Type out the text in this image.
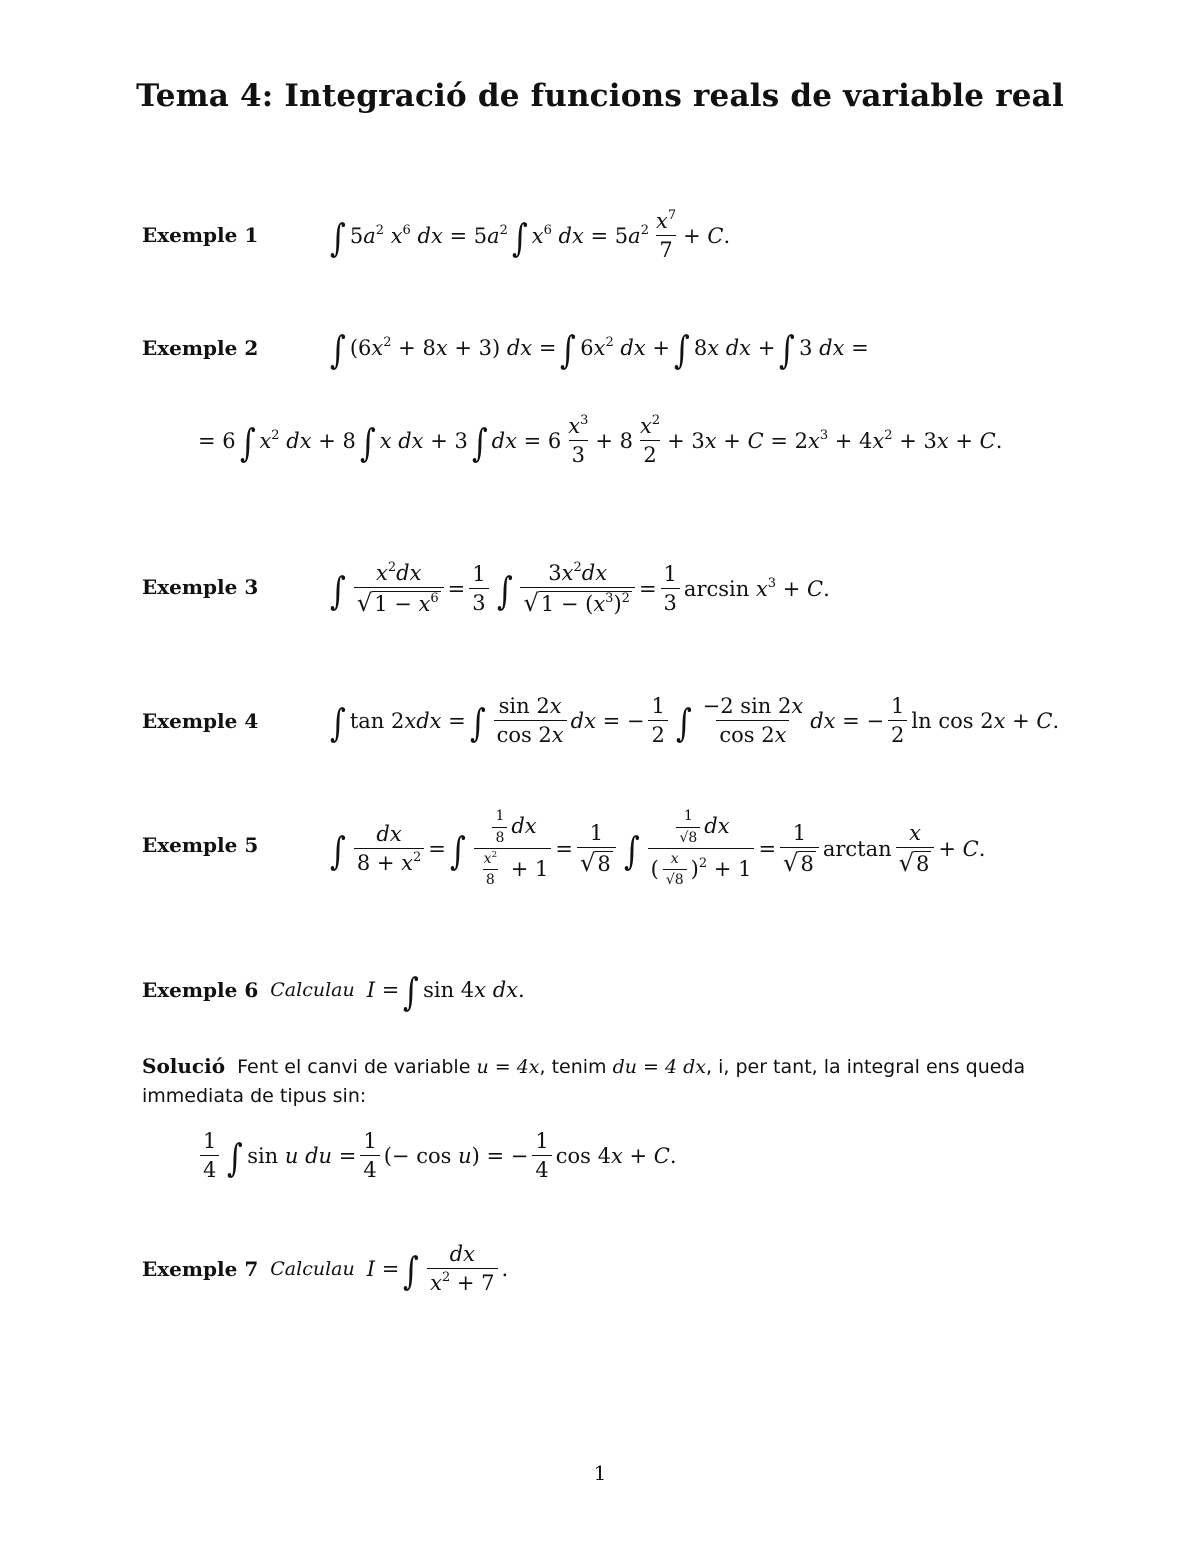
Tema 4: Integració de funcions reals de variable real
Exemple 1 ∫ $5a^2$ $x^6$ dx = $5a^2$ ∫ $x^6$ dx = $5a^2 \frac{x^7}{7} + C$.
Exemple 2 ∫ $(6x^2 + 8x + 3)$ dx = ∫ $6x^2$ dx + ∫ 8x dx + ∫ 3 dx =
= 6 ∫ $x^2$ dx + 8 ∫ x dx + 3 ∫ dx = $6 \frac{x^3}{3} + 8 \frac{x^2}{2} + 3x + C = 2x^3 + 4x^2 + 3x + C$.
Exemple 3 ∫ $\frac{x^2dx}{√ 1 - x^6} = \frac{1}{3}$ ∫ $\frac{3x^2dx}{√ 1 - (x^3)^2} = \frac{1}{3}$ $\arcsin x^3 + C$.
Exemple 4 ∫ tan 2xdx = ∫ $\frac{\sin 2x}{\cos 2x}$ dx = − $\frac{1}{2}$ ∫ $\frac{-2 \sin 2x}{\cos 2x}$ dx = − $\frac{1}{2}$ ln cos 2x + C.
Exemple 5 ∫ $\frac{dx}{8 + x^2}$ = ∫ $\frac{\frac{1}{8} dx}{\frac{x^2}{8} + 1} = \frac{1}{√ 8}$ ∫ $\frac{\frac{1}{√8} dx}{( \frac{x}{√8} )^2 + 1} = \frac{1}{√ 8}$ $\arctan \frac{x}{√ 8} + C$.
Exemple 6 Calculau I = ∫ sin 4x dx.
Solució Fent el canvi de variable u = 4x, tenim du = 4 dx, i, per tant, la integral ens queda immediata de tipus sin:
$\frac{1}{4}$ ∫ sin u du = $\frac{1}{4}$ (− cos u) = − $\frac{1}{4}$ cos 4x + C.
Exemple 7 Calculau I = ∫ $\frac{dx}{x^2 + 7}$ .
1
